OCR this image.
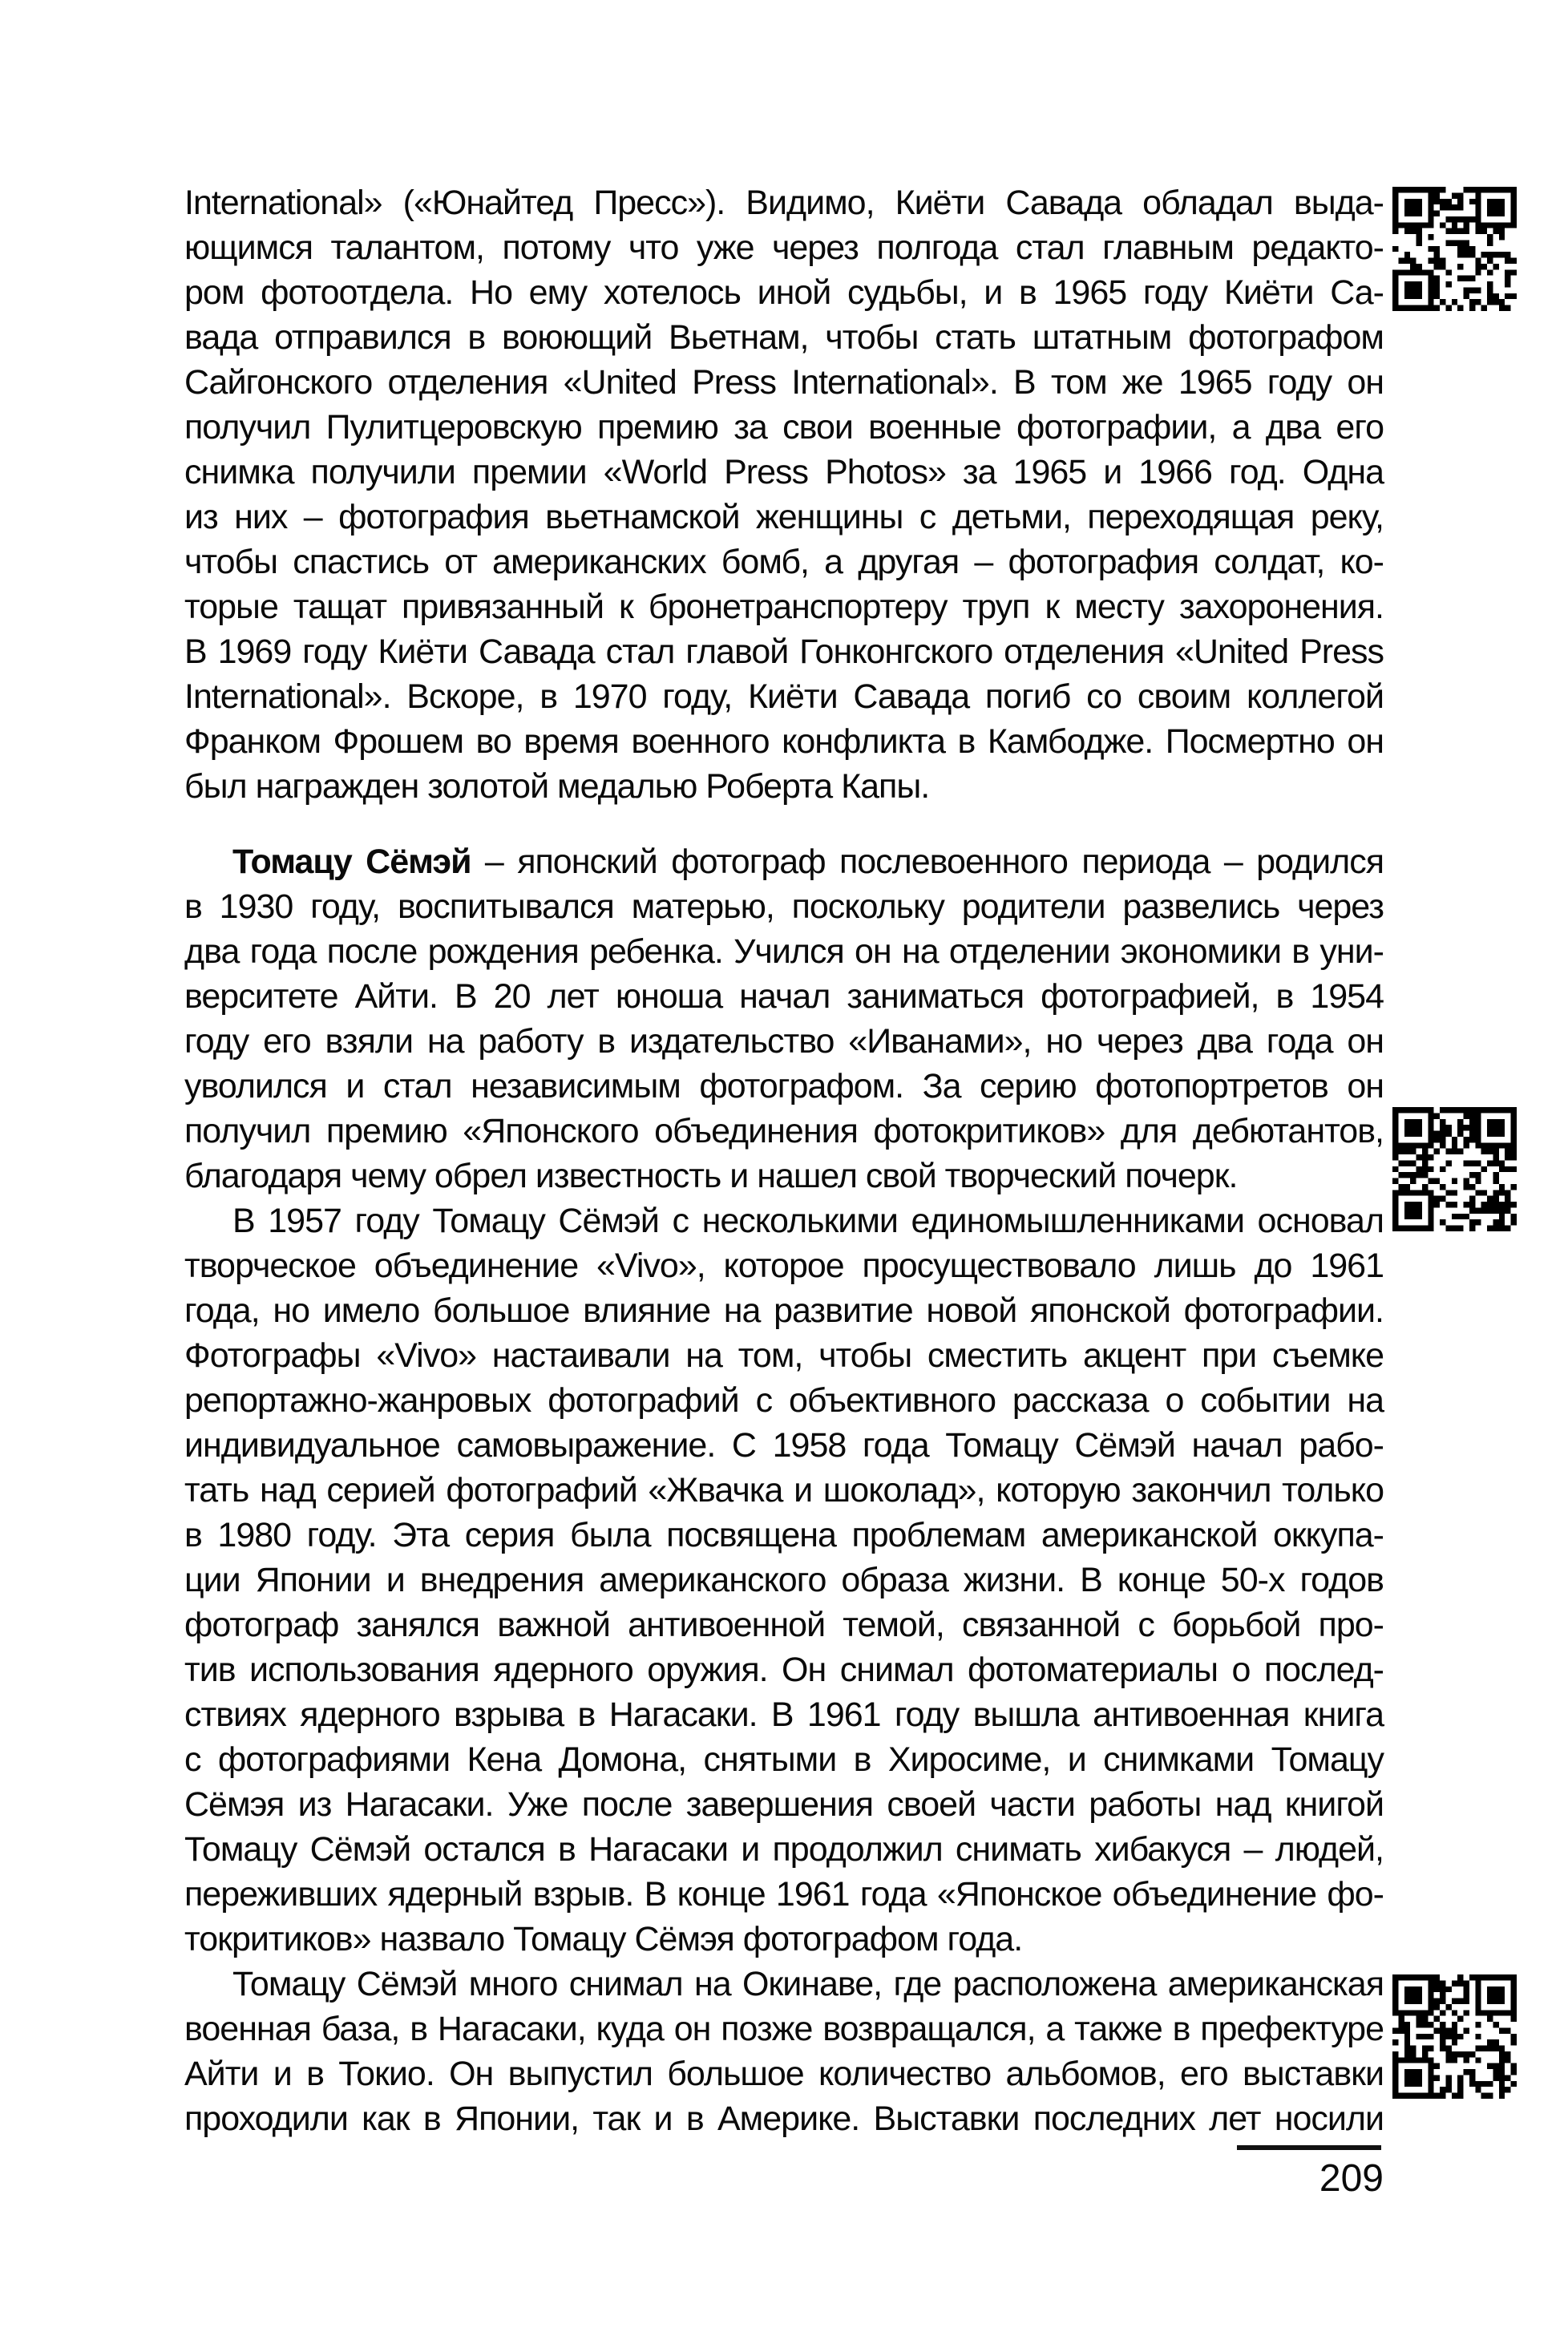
International» («Юнайтед Пресс»). Видимо, Киёти Савада обладал выда-
ющимся талантом, потому что уже через полгода стал главным редакто-
ром фотоотдела. Но ему хотелось иной судьбы, и в 1965 году Киёти Са-
вада отправился в воюющий Вьетнам, чтобы стать штатным фотографом
Сайгонского отделения «United Press International». В том же 1965 году он
получил Пулитцеровскую премию за свои военные фотографии, а два его
снимка получили премии «World Press Photos» за 1965 и 1966 год. Одна
из них – фотография вьетнамской женщины с детьми, переходящая реку,
чтобы спастись от американских бомб, а другая – фотография солдат, ко-
торые тащат привязанный к бронетранспортеру труп к месту захоронения.
В 1969 году Киёти Савада стал главой Гонконгского отделения «United Press
International». Вскоре, в 1970 году, Киёти Савада погиб со своим коллегой
Франком Фрошем во время военного конфликта в Камбодже. Посмертно он
был награжден золотой медалью Роберта Капы.
Томацу Сёмэй – японский фотограф послевоенного периода – родился
в 1930 году, воспитывался матерью, поскольку родители развелись через
два года после рождения ребенка. Учился он на отделении экономики в уни-
верситете Айти. В 20 лет юноша начал заниматься фотографией, в 1954
году его взяли на работу в издательство «Иванами», но через два года он
уволился и стал независимым фотографом. За серию фотопортретов он
получил премию «Японского объединения фотокритиков» для дебютантов,
благодаря чему обрел известность и нашел свой творческий почерк.
В 1957 году Томацу Сёмэй с несколькими единомышленниками основал
творческое объединение «Vivo», которое просуществовало лишь до 1961
года, но имело большое влияние на развитие новой японской фотографии.
Фотографы «Vivo» настаивали на том, чтобы сместить акцент при съемке
репортажно-жанровых фотографий с объективного рассказа о событии на
индивидуальное самовыражение. С 1958 года Томацу Сёмэй начал рабо-
тать над серией фотографий «Жвачка и шоколад», которую закончил только
в 1980 году. Эта серия была посвящена проблемам американской оккупа-
ции Японии и внедрения американского образа жизни. В конце 50-х годов
фотограф занялся важной антивоенной темой, связанной с борьбой про-
тив использования ядерного оружия. Он снимал фотоматериалы о послед-
ствиях ядерного взрыва в Нагасаки. В 1961 году вышла антивоенная книга
с фотографиями Кена Домона, снятыми в Хиросиме, и снимками Томацу
Сёмэя из Нагасаки. Уже после завершения своей части работы над книгой
Томацу Сёмэй остался в Нагасаки и продолжил снимать хибакуся – людей,
переживших ядерный взрыв. В конце 1961 года «Японское объединение фо-
токритиков» назвало Томацу Сёмэя фотографом года.
Томацу Сёмэй много снимал на Окинаве, где расположена американская
военная база, в Нагасаки, куда он позже возвращался, а также в префектуре
Айти и в Токио. Он выпустил большое количество альбомов, его выставки
проходили как в Японии, так и в Америке. Выставки последних лет носили
209
